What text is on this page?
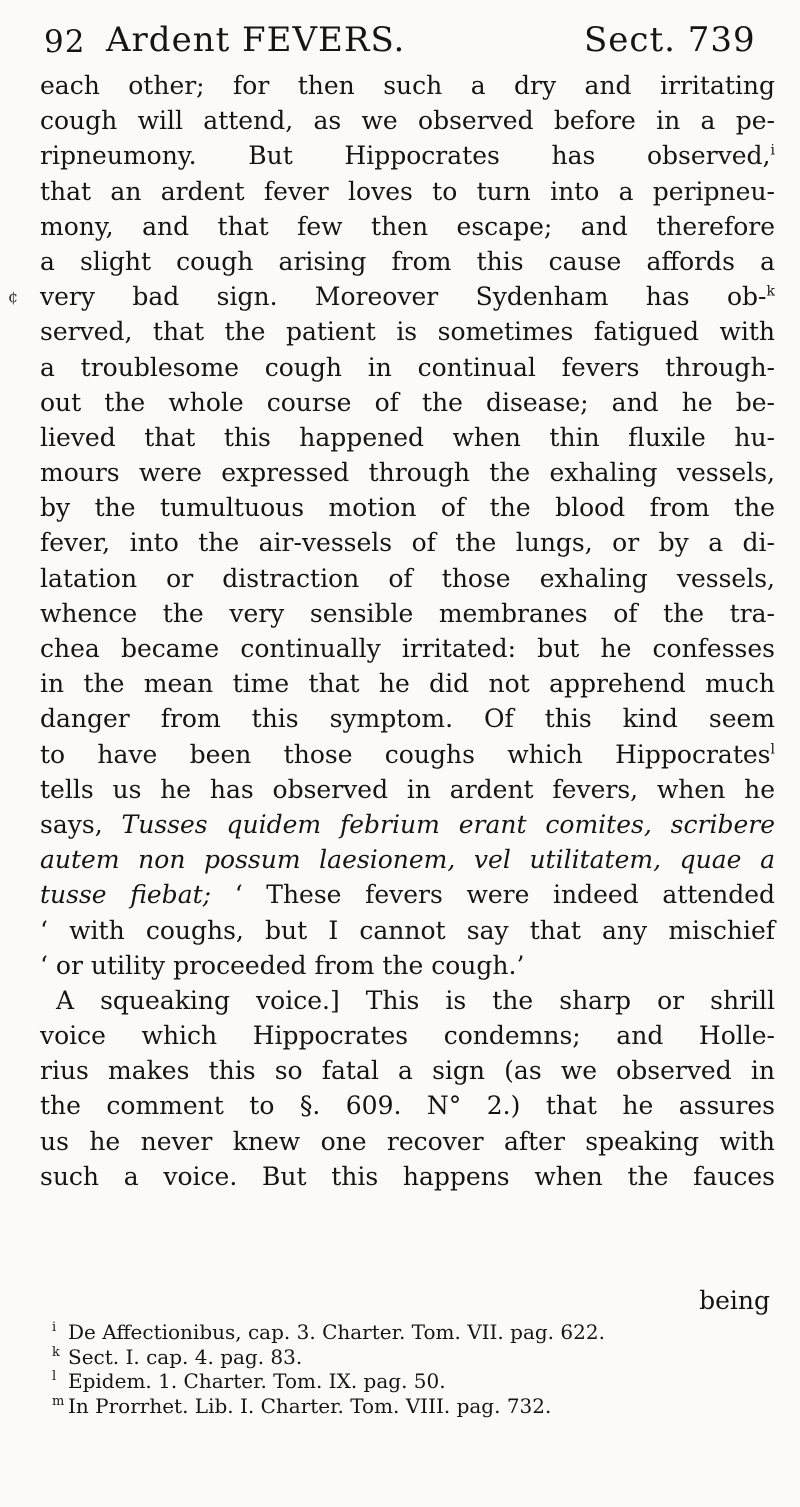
92 Ardent FEVERS.	Sect. 739
¢
each other; for then such a dry and irritating
cough will attend, as we observed before in a pe-
ripneumony. But Hippocrates has observed,$^i$
that an ardent fever loves to turn into a peripneu-
mony, and that few then escape; and therefore
a slight cough arising from this cause affords a
very bad sign. Moreover Sydenham has ob-$^k$
served, that the patient is sometimes fatigued with
a troublesome cough in continual fevers through-
out the whole course of the disease; and he be-
lieved that this happened when thin fluxile hu-
mours were expressed through the exhaling vessels,
by the tumultuous motion of the blood from the
fever, into the air-vessels of the lungs, or by a di-
latation or distraction of those exhaling vessels,
whence the very sensible membranes of the tra-
chea became continually irritated: but he confesses
in the mean time that he did not apprehend much
danger from this symptom. Of this kind seem
to have been those coughs which Hippocrates$^l$
tells us he has observed in ardent fevers, when he
says, Tusses quidem febrium erant comites, scribere
autem non possum laesionem, vel utilitatem, quae a
tusse fiebat; ‘ These fevers were indeed attended
‘ with coughs, but I cannot say that any mischief
‘ or utility proceeded from the cough.’
A squeaking voice.] This is the sharp or shrill
voice which Hippocrates condemns; and Holle-
rius makes this so fatal a sign (as we observed in
the comment to §. 609. N° 2.) that he assures
us he never knew one recover after speaking with
such a voice. But this happens when the fauces
being
i De Affectionibus, cap. 3. Charter. Tom. VII. pag. 622.
k Sect. I. cap. 4. pag. 83.
l Epidem. 1. Charter. Tom. IX. pag. 50.
m In Prorrhet. Lib. I. Charter. Tom. VIII. pag. 732.
